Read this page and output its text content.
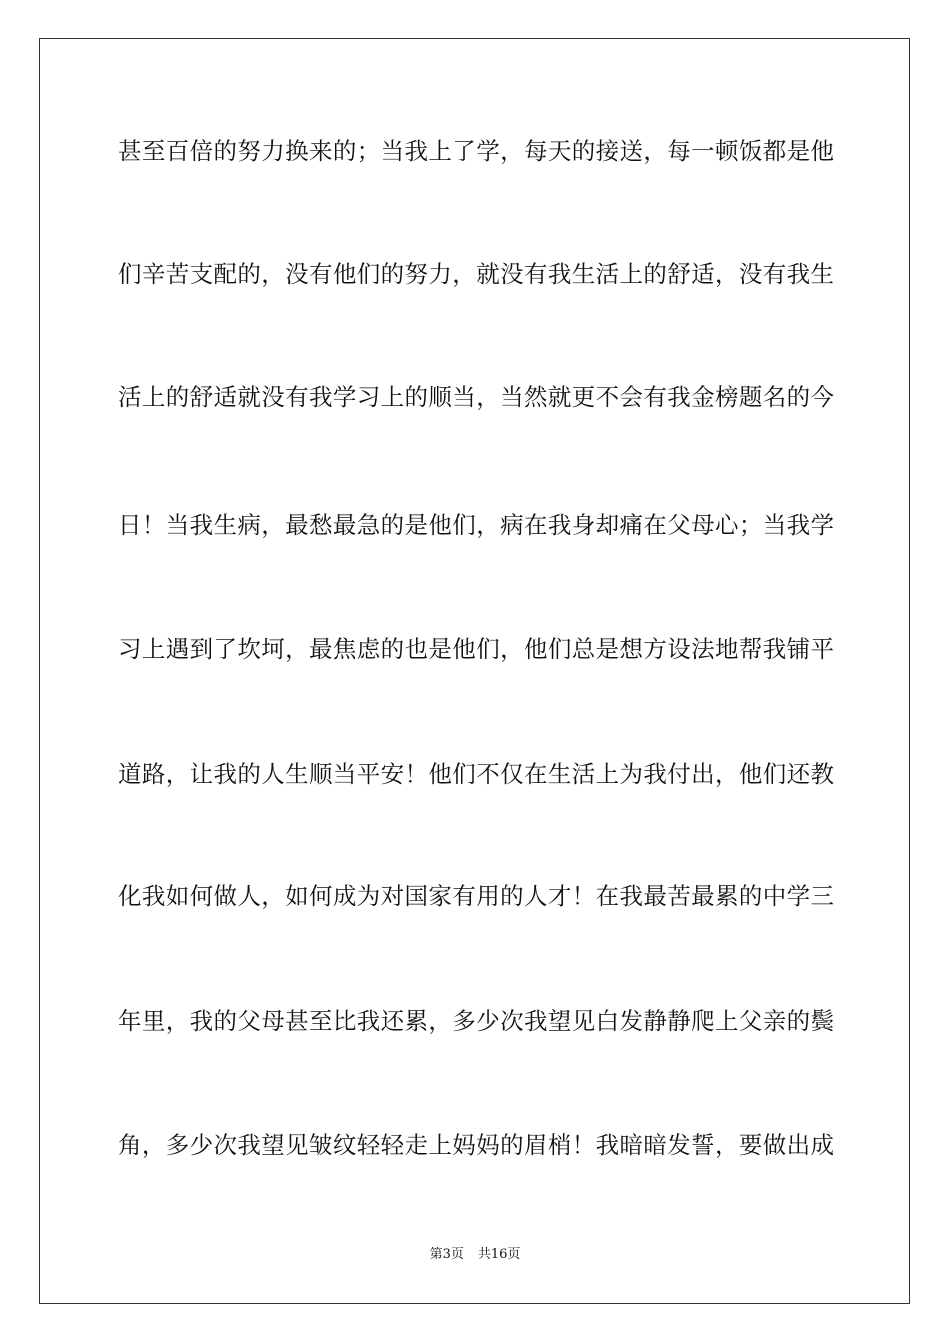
甚至百倍的努力换来的；当我上了学，每天的接送，每一顿饭都是他
们辛苦支配的，没有他们的努力，就没有我生活上的舒适，没有我生
活上的舒适就没有我学习上的顺当，当然就更不会有我金榜题名的今
日！当我生病，最愁最急的是他们，病在我身却痛在父母心；当我学
习上遇到了坎坷，最焦虑的也是他们，他们总是想方设法地帮我铺平
道路，让我的人生顺当平安！他们不仅在生活上为我付出，他们还教
化我如何做人，如何成为对国家有用的人才！在我最苦最累的中学三
年里，我的父母甚至比我还累，多少次我望见白发静静爬上父亲的鬓
角，多少次我望见皱纹轻轻走上妈妈的眉梢！我暗暗发誓，要做出成
第3页 共16页
